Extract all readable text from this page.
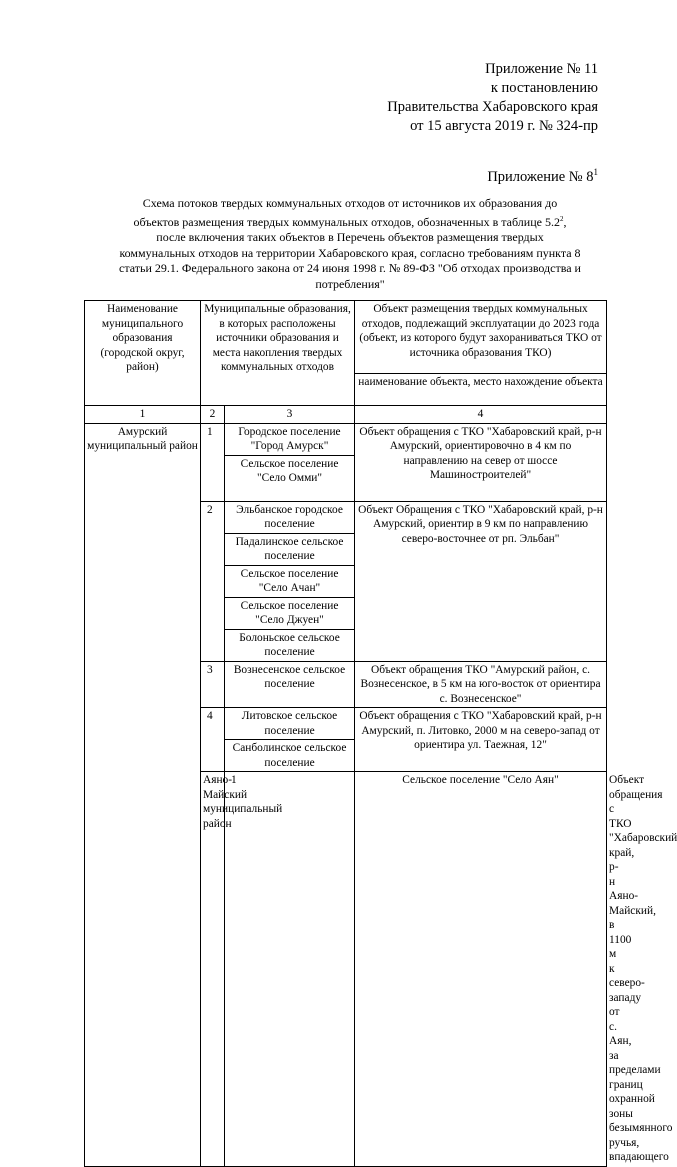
Приложение № 11
к постановлению
Правительства Хабаровского края
от 15 августа 2019 г. № 324-пр
Приложение № $8^1$
Схема потоков твердых коммунальных отходов от источников их образования до
объектов размещения твердых коммунальных отходов, обозначенных в таблице $5.2^2$,
после включения таких объектов в Перечень объектов размещения твердых
коммунальных отходов на территории Хабаровского края, согласно требованиям пункта 8
статьи 29.1. Федерального закона от 24 июня 1998 г. № 89-ФЗ "Об отходах производства и
потребления"
Наименование муниципального образования (городской округ, район)	Муниципальные образования, в которых расположены источники образования и места накопления твердых коммунальных отходов		Объект размещения твердых коммунальных отходов, подлежащий эксплуатации до 2023 года (объект, из которого будут захораниваться ТКО от источника образования ТКО)	
			наименование объекта, место нахождение объекта	
1	2	3	4	
Амурский муниципальный район	1	Городское поселение "Город Амурск"	Объект обращения с ТКО "Хабаровский край, р-н Амурский, ориентировочно в 4 км по направлению на север от шоссе Машиностроителей"	
		Сельское поселение "Село Омми"		
	2	Эльбанское городское поселение	Объект Обращения с ТКО "Хабаровский край, р-н Амурский, ориентир в 9 км по направлению северо-восточнее от рп. Эльбан"	
		Падалинское сельское поселение		
		Сельское поселение "Село Ачан"		
		Сельское поселение "Село Джуен"		
		Болоньское сельское поселение		
	3	Вознесенское сельское поселение	Объект обращения ТКО "Амурский район, с. Вознесенское, в 5 км на юго-восток от ориентира с. Вознесенское"	
	4	Литовское сельское поселение	Объект обращения с ТКО "Хабаровский край, р-н Амурский, п. Литовко, 2000 м на северо-запад от ориентира ул. Таежная, 12"	
		Санболинское сельское поселение		
	Аяно-Майский муниципальный район	1	Сельское поселение "Село Аян"	Объект обращения с ТКО "Хабаровский край, р-н Аяно-Майский, в 1100 м к северо-западу от с. Аян, за пределами границ охранной зоны безымянного ручья, впадающего
